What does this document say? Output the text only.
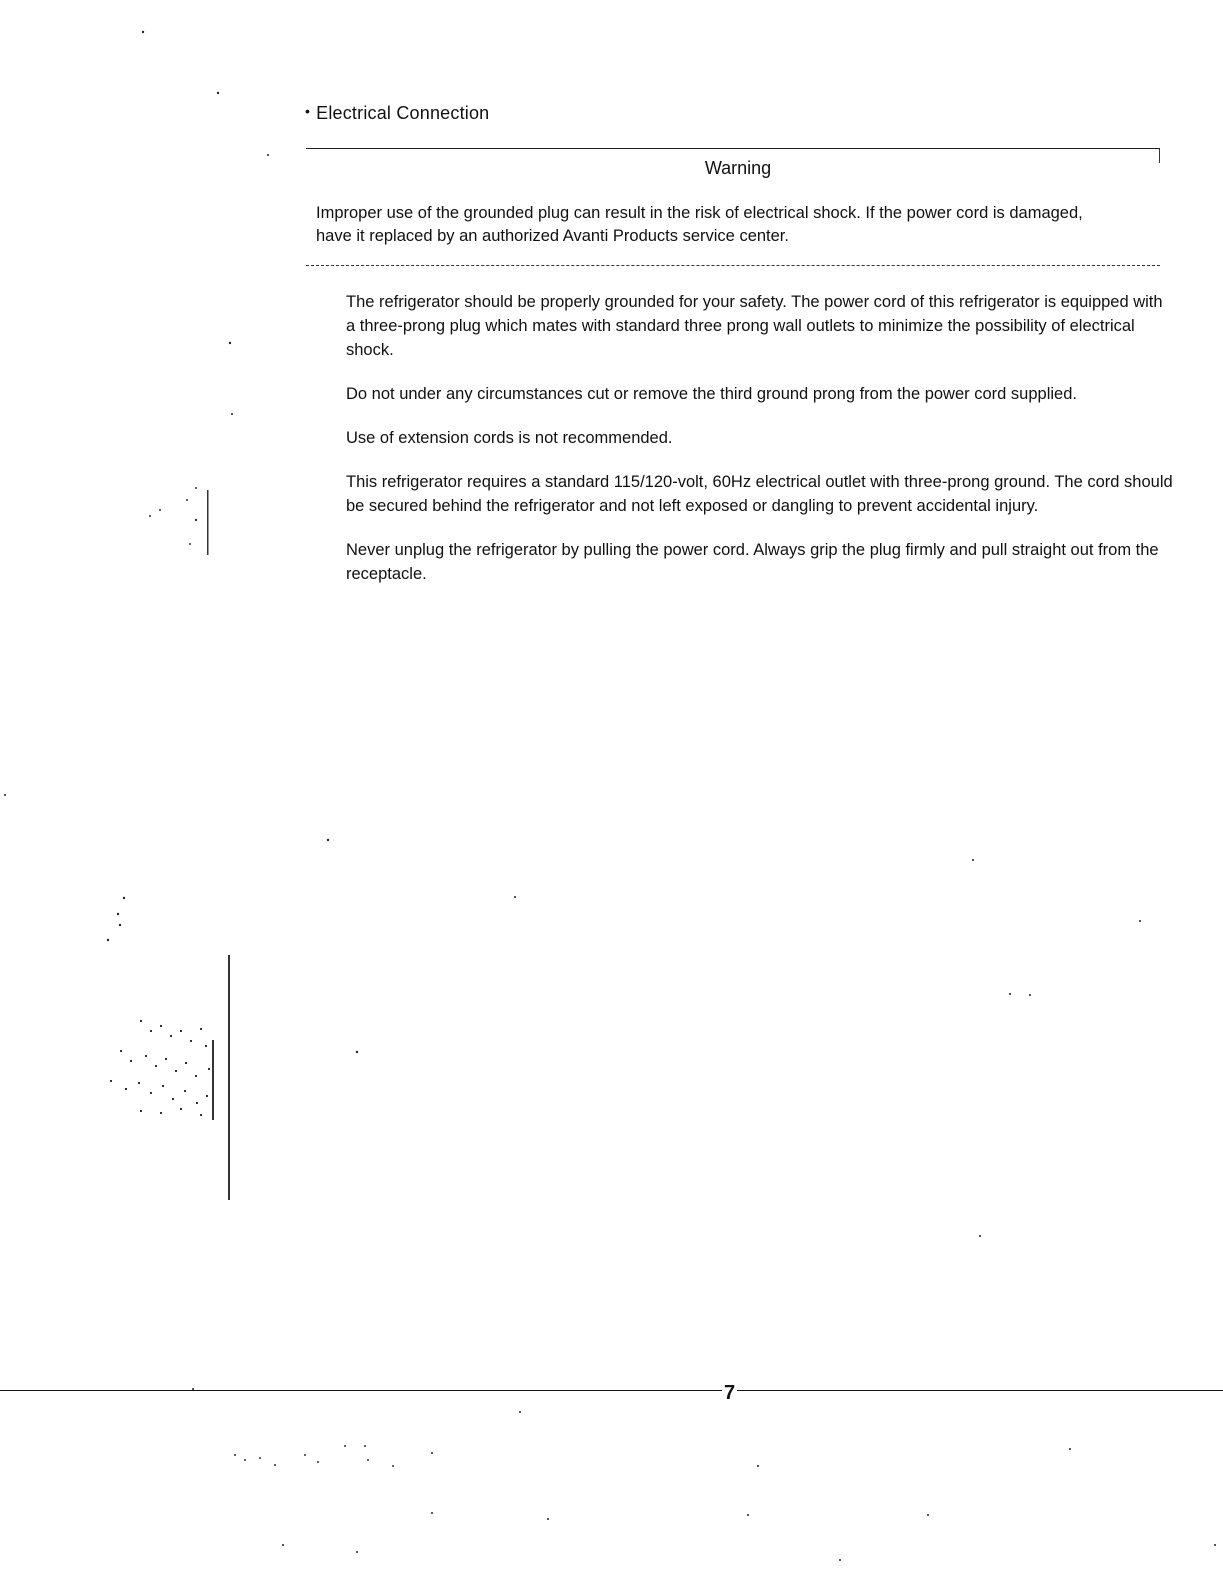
• Electrical Connection
Warning
Improper use of the grounded plug can result in the risk of electrical shock. If the power cord is damaged, have it replaced by an authorized Avanti Products service center.

The refrigerator should be properly grounded for your safety. The power cord of this refrigerator is equipped with a three-prong plug which mates with standard three prong wall outlets to minimize the possibility of electrical shock.

Do not under any circumstances cut or remove the third ground prong from the power cord supplied.

Use of extension cords is not recommended.

This refrigerator requires a standard 115/120-volt, 60Hz electrical outlet with three-prong ground. The cord should be secured behind the refrigerator and not left exposed or dangling to prevent accidental injury.

Never unplug the refrigerator by pulling the power cord. Always grip the plug firmly and pull straight out from the receptacle.

7
